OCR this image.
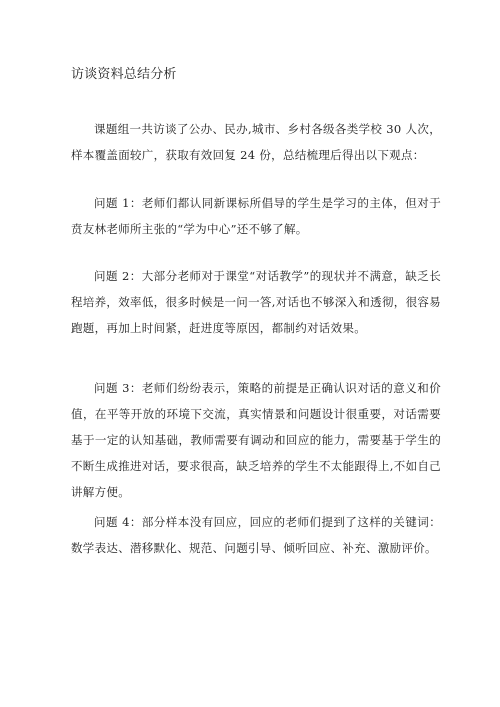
访谈资料总结分析

课题组一共访谈了公办、民办,城市、乡村各级各类学校 30 人次，样本覆盖面较广，获取有效回复 24 份，总结梳理后得出以下观点：

问题 1：老师们都认同新课标所倡导的学生是学习的主体，但对于贲友林老师所主张的“学为中心”还不够了解。

问题 2：大部分老师对于课堂“对话教学”的现状并不满意，缺乏长程培养，效率低，很多时候是一问一答,对话也不够深入和透彻，很容易跑题，再加上时间紧，赶进度等原因，都制约对话效果。

问题 3：老师们纷纷表示，策略的前提是正确认识对话的意义和价值，在平等开放的环境下交流，真实情景和问题设计很重要，对话需要基于一定的认知基础，教师需要有调动和回应的能力，需要基于学生的不断生成推进对话，要求很高，缺乏培养的学生不太能跟得上,不如自己讲解方便。

问题 4：部分样本没有回应，回应的老师们提到了这样的关键词：数学表达、潜移默化、规范、问题引导、倾听回应、补充、激励评价。
